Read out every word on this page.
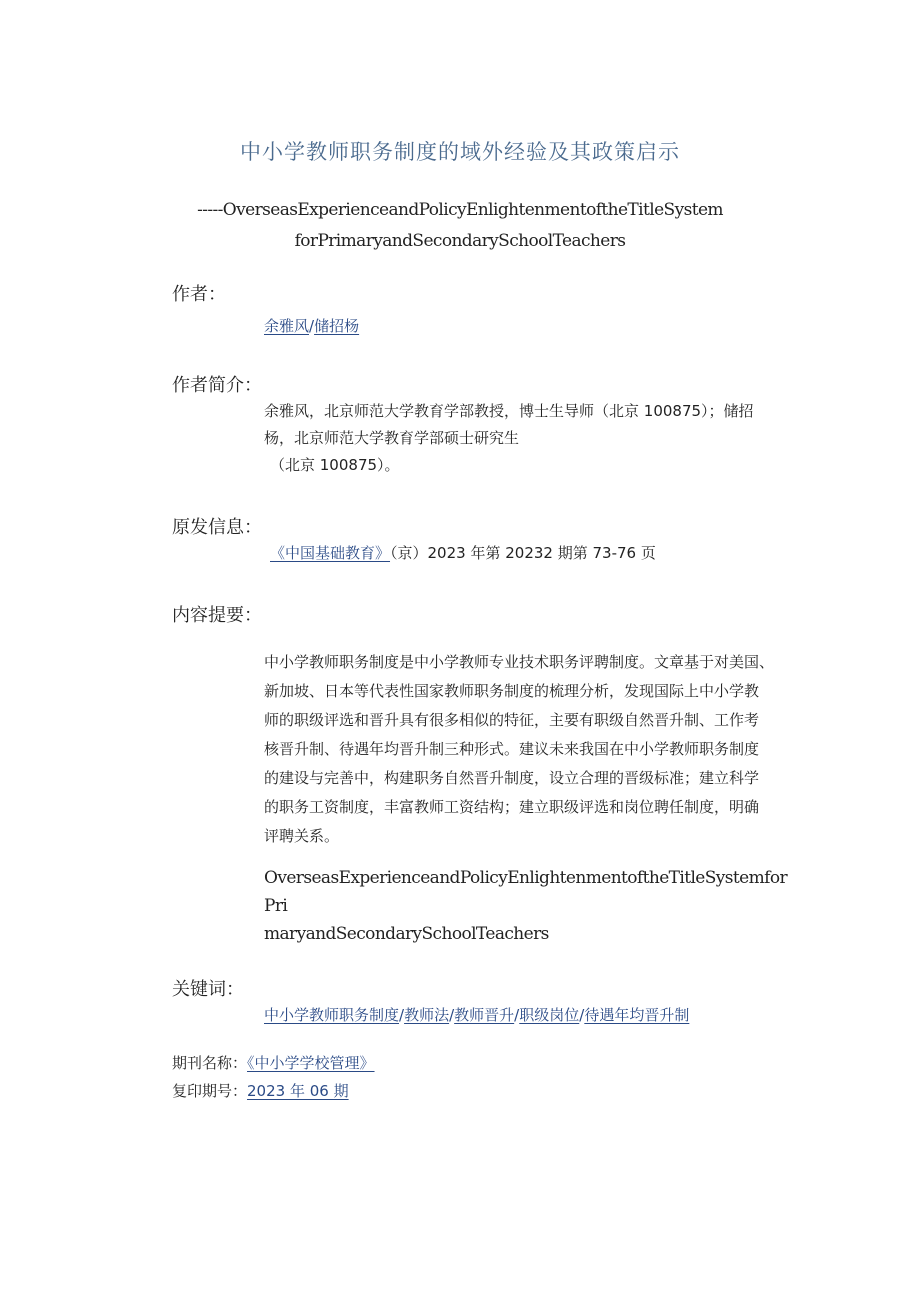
中小学教师职务制度的域外经验及其政策启示
-----OverseasExperienceandPolicyEnlightenmentoftheTitleSystem
forPrimaryandSecondarySchoolTeachers
作者：
余雅风/储招杨
作者简介：
余雅风，北京师范大学教育学部教授，博士生导师（北京 100875）；储招
杨，北京师范大学教育学部硕士研究生
（北京 100875）。
原发信息：
《中国基础教育》（京）2023 年第 20232 期第 73-76 页
内容提要：
中小学教师职务制度是中小学教师专业技术职务评聘制度。文章基于对美国、
新加坡、日本等代表性国家教师职务制度的梳理分析，发现国际上中小学教
师的职级评选和晋升具有很多相似的特征，主要有职级自然晋升制、工作考
核晋升制、待遇年均晋升制三种形式。建议未来我国在中小学教师职务制度
的建设与完善中，构建职务自然晋升制度，设立合理的晋级标准；建立科学
的职务工资制度，丰富教师工资结构；建立职级评选和岗位聘任制度，明确
评聘关系。
OverseasExperienceandPolicyEnlightenmentoftheTitleSystemforPri
maryandSecondarySchoolTeachers
关键词：
中小学教师职务制度/教师法/教师晋升/职级岗位/待遇年均晋升制
期刊名称：《中小学学校管理》
复印期号：2023 年 06 期
